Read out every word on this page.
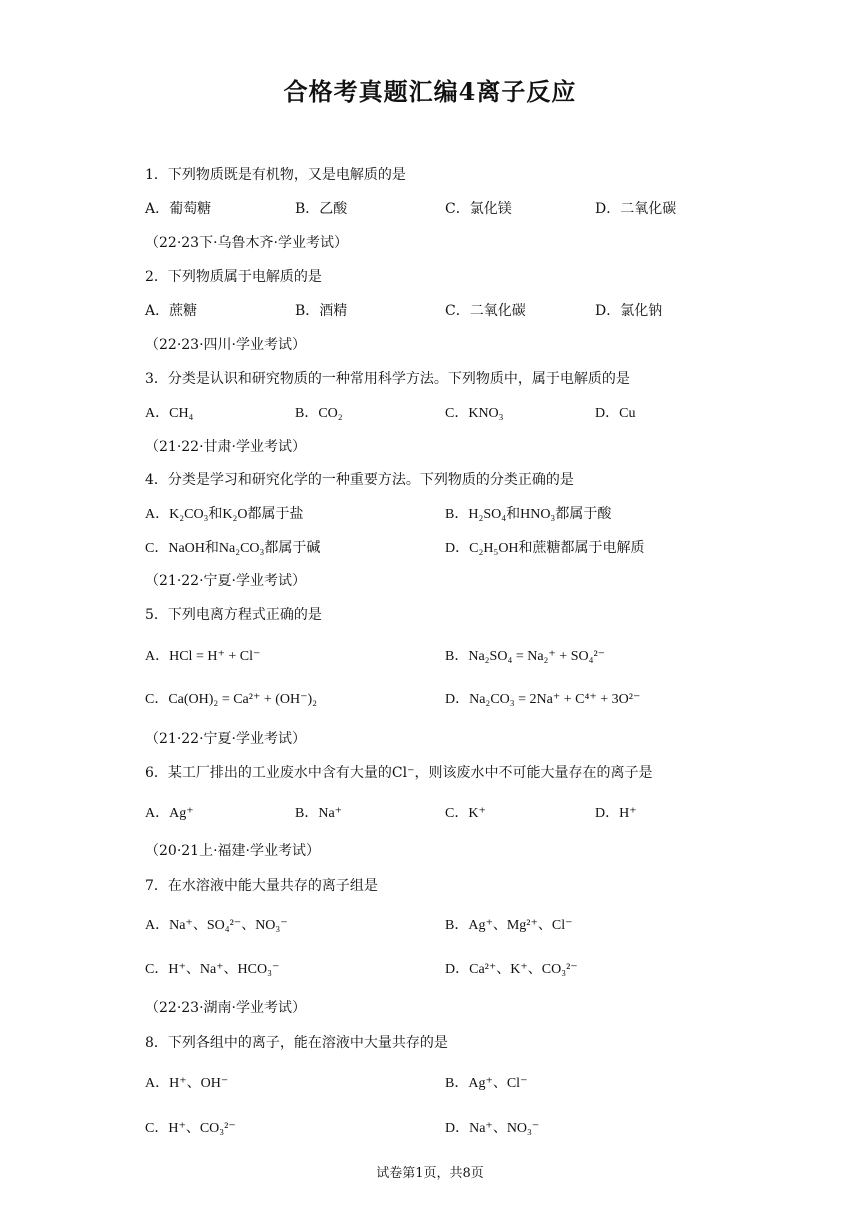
合格考真题汇编4离子反应
1．下列物质既是有机物，又是电解质的是
A．葡萄糖	B．乙酸	C．氯化镁	D．二氧化碳
（22·23下·乌鲁木齐·学业考试）
2．下列物质属于电解质的是
A．蔗糖	B．酒精	C．二氧化碳	D．氯化钠
（22·23·四川·学业考试）
3．分类是认识和研究物质的一种常用科学方法。下列物质中，属于电解质的是
A．CH₄	B．CO₂	C．KNO₃	D．Cu
（21·22·甘肃·学业考试）
4．分类是学习和研究化学的一种重要方法。下列物质的分类正确的是
A．K₂CO₃和K₂O都属于盐	B．H₂SO₄和HNO₃都属于酸
C．NaOH和Na₂CO₃都属于碱	D．C₂H₅OH和蔗糖都属于电解质
（21·22·宁夏·学业考试）
5．下列电离方程式正确的是
A．HCl = H⁺ + Cl⁻	B．Na₂SO₄ = Na₂⁺ + SO₄²⁻
C．Ca(OH)₂ = Ca²⁺ + (OH⁻)₂	D．Na₂CO₃ = 2Na⁺ + C⁴⁺ + 3O²⁻
（21·22·宁夏·学业考试）
6．某工厂排出的工业废水中含有大量的Cl⁻，则该废水中不可能大量存在的离子是
A．Ag⁺	B．Na⁺	C．K⁺	D．H⁺
（20·21上·福建·学业考试）
7．在水溶液中能大量共存的离子组是
A．Na⁺、SO₄²⁻、NO₃⁻	B．Ag⁺、Mg²⁺、Cl⁻
C．H⁺、Na⁺、HCO₃⁻	D．Ca²⁺、K⁺、CO₃²⁻
（22·23·湖南·学业考试）
8．下列各组中的离子，能在溶液中大量共存的是
A．H⁺、OH⁻	B．Ag⁺、Cl⁻
C．H⁺、CO₃²⁻	D．Na⁺、NO₃⁻
试卷第1页，共8页
